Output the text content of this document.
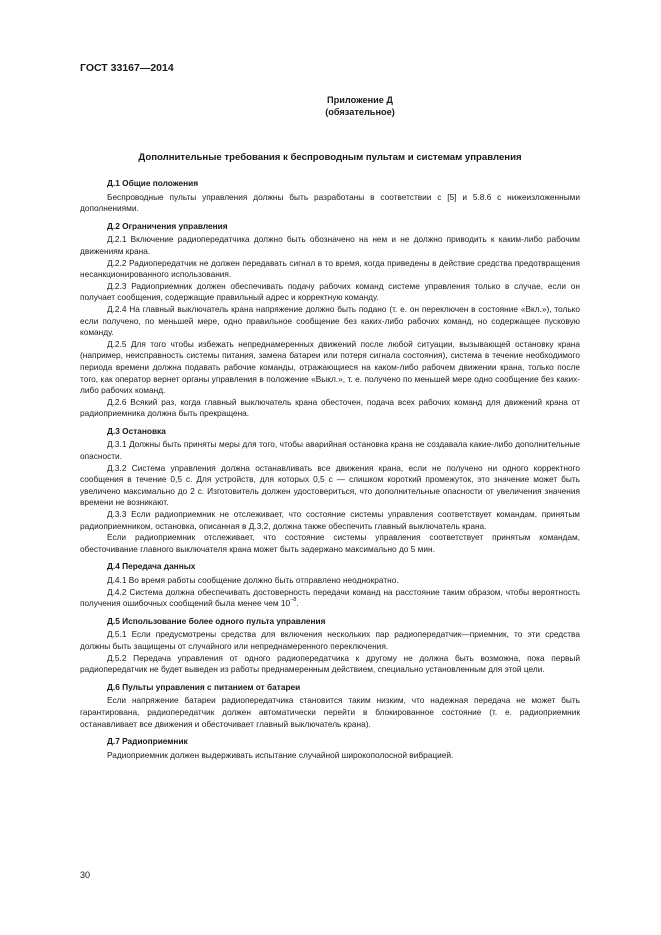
ГОСТ 33167—2014
Приложение Д
(обязательное)
Дополнительные требования к беспроводным пультам и системам управления
Д.1 Общие положения

Беспроводные пульты управления должны быть разработаны в соответствии с [5] и 5.8.6 с нижеизложенными дополнениями.

Д.2 Ограничения управления

Д.2.1 Включение радиопередатчика должно быть обозначено на нем и не должно приводить к каким-либо рабочим движениям крана.

Д.2.2 Радиопередатчик не должен передавать сигнал в то время, когда приведены в действие средства предотвращения несанкционированного использования.

Д.2.3 Радиоприемник должен обеспечивать подачу рабочих команд системе управления только в случае, если он получает сообщения, содержащие правильный адрес и корректную команду.

Д.2.4 На главный выключатель крана напряжение должно быть подано (т. е. он переключен в состояние «Вкл.»), только если получено, по меньшей мере, одно правильное сообщение без каких-либо рабочих команд, но содержащее пусковую команду.

Д.2.5 Для того чтобы избежать непреднамеренных движений после любой ситуации, вызывающей остановку крана (например, неисправность системы питания, замена батареи или потеря сигнала состояния), система в течение необходимого периода времени должна подавать рабочие команды, отражающиеся на каком-либо рабочем движении крана, только после того, как оператор вернет органы управления в положение «Выкл.», т. е. получено по меньшей мере одно сообщение без каких-либо рабочих команд.

Д.2.6 Всякий раз, когда главный выключатель крана обесточен, подача всех рабочих команд для движений крана от радиоприемника должна быть прекращена.

Д.3 Остановка

Д.3.1 Должны быть приняты меры для того, чтобы аварийная остановка крана не создавала какие-либо дополнительные опасности.

Д.3.2 Система управления должна останавливать все движения крана, если не получено ни одного корректного сообщения в течение 0,5 с. Для устройств, для которых 0,5 с — слишком короткий промежуток, это значение может быть увеличено максимально до 2 с. Изготовитель должен удостовериться, что дополнительные опасности от увеличения значения времени не возникают.

Д.3.3 Если радиоприемник не отслеживает, что состояние системы управления соответствует командам, принятым радиоприемником, остановка, описанная в Д.3.2, должна также обеспечить главный выключатель крана.

Если радиоприемник отслеживает, что состояние системы управления соответствует принятым командам, обесточивание главного выключателя крана может быть задержано максимально до 5 мин.

Д.4 Передача данных

Д.4.1 Во время работы сообщение должно быть отправлено неоднократно.

Д.4.2 Система должна обеспечивать достоверность передачи команд на расстояние таким образом, чтобы вероятность получения ошибочных сообщений была менее чем $10^{-8}$.

Д.5 Использование более одного пульта управления

Д.5.1 Если предусмотрены средства для включения нескольких пар радиопередатчик—приемник, то эти средства должны быть защищены от случайного или непреднамеренного переключения.

Д.5.2 Передача управления от одного радиопередатчика к другому не должна быть возможна, пока первый радиопередатчик не будет выведен из работы преднамеренным действием, специально установленным для этой цели.

Д.6 Пульты управления с питанием от батареи

Если напряжение батареи радиопередатчика становится таким низким, что надежная передача не может быть гарантирована, радиопередатчик должен автоматически перейти в блокированное состояние (т. е. радиоприемник останавливает все движения и обесточивает главный выключатель крана).

Д.7 Радиоприемник

Радиоприемник должен выдерживать испытание случайной широкополосной вибрацией.

30
